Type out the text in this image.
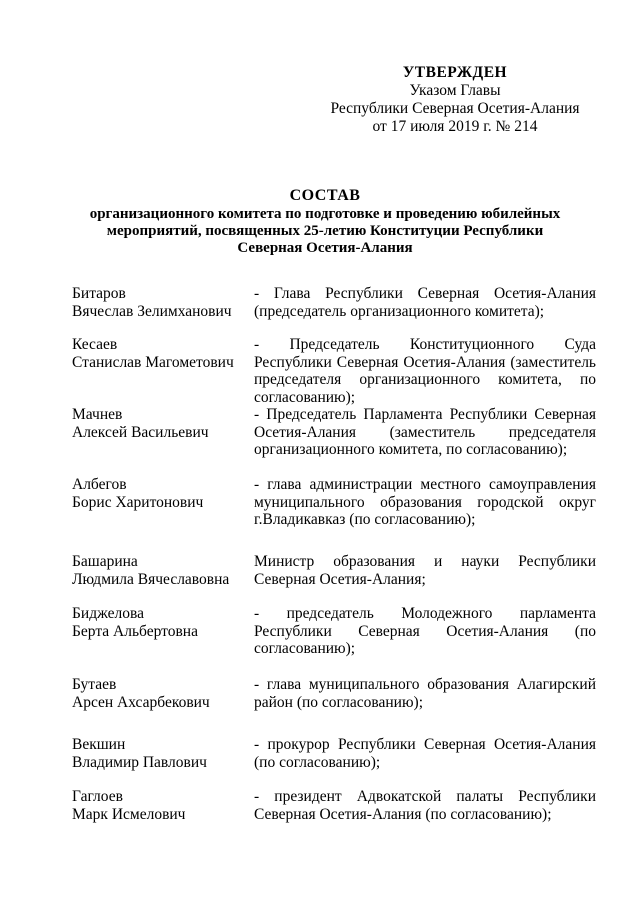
УТВЕРЖДЕН
Указом Главы
Республики Северная Осетия-Алания
от 17 июля 2019 г. № 214
СОСТАВ
организационного комитета по подготовке и проведению юбилейных
мероприятий, посвященных 25-летию Конституции Республики
Северная Осетия-Алания
Битаров
Вячеслав Зелимханович
- Глава Республики Северная Осетия-Алания (председатель организационного комитета);
Кесаев
Станислав Магометович
- Председатель Конституционного Суда Республики Северная Осетия-Алания (заместитель председателя организационного комитета, по согласованию);
Мачнев
Алексей Васильевич
- Председатель Парламента Республики Северная Осетия-Алания (заместитель председателя организационного комитета, по согласованию);
Албегов
Борис Харитонович
- глава администрации местного самоуправления муниципального образования городской округ г.Владикавказ (по согласованию);
Башарина
Людмила Вячеславовна
Министр образования и науки Республики Северная Осетия-Алания;
Биджелова
Берта Альбертовна
- председатель Молодежного парламента Республики Северная Осетия-Алания (по согласованию);
Бутаев
Арсен Ахсарбекович
- глава муниципального образования Алагирский район (по согласованию);
Векшин
Владимир Павлович
- прокурор Республики Северная Осетия-Алания (по согласованию);
Гаглоев
Марк Исмелович
- президент Адвокатской палаты Республики Северная Осетия-Алания (по согласованию);
